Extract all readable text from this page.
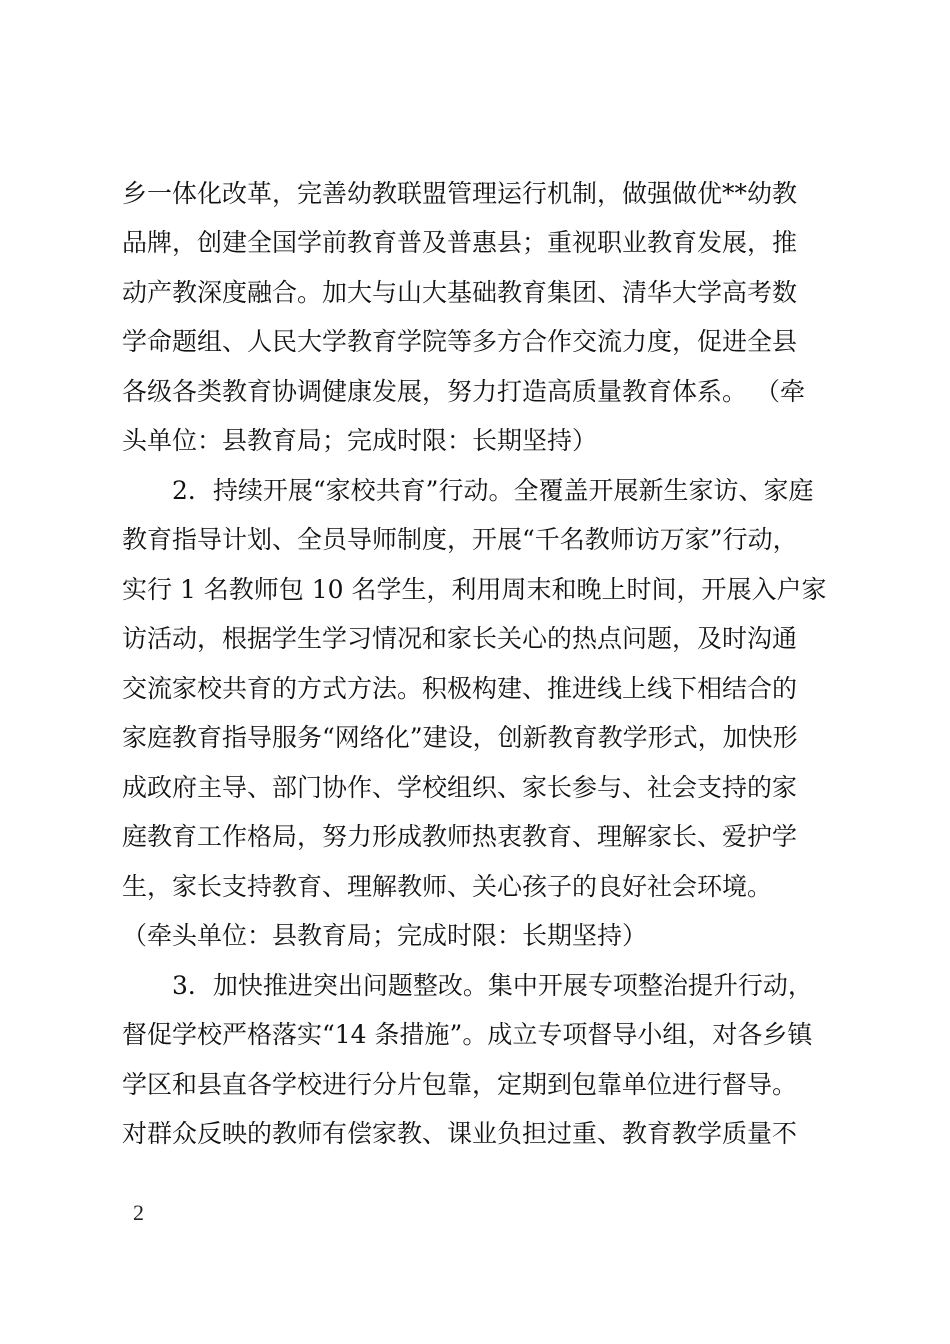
乡一体化改革，完善幼教联盟管理运行机制，做强做优**幼教
品牌，创建全国学前教育普及普惠县；重视职业教育发展，推
动产教深度融合。加大与山大基础教育集团、清华大学高考数
学命题组、人民大学教育学院等多方合作交流力度，促进全县
各级各类教育协调健康发展，努力打造高质量教育体系。 （牵
头单位：县教育局；完成时限：长期坚持）
2．持续开展“家校共育”行动。全覆盖开展新生家访、家庭
教育指导计划、全员导师制度，开展“千名教师访万家”行动，
实行 1 名教师包 10 名学生，利用周末和晚上时间，开展入户家
访活动，根据学生学习情况和家长关心的热点问题，及时沟通
交流家校共育的方式方法。积极构建、推进线上线下相结合的
家庭教育指导服务“网络化”建设，创新教育教学形式，加快形
成政府主导、部门协作、学校组织、家长参与、社会支持的家
庭教育工作格局，努力形成教师热衷教育、理解家长、爱护学
生，家长支持教育、理解教师、关心孩子的良好社会环境。
（牵头单位：县教育局；完成时限：长期坚持）
3．加快推进突出问题整改。集中开展专项整治提升行动，
督促学校严格落实“14 条措施”。成立专项督导小组，对各乡镇
学区和县直各学校进行分片包靠，定期到包靠单位进行督导。
对群众反映的教师有偿家教、课业负担过重、教育教学质量不
2
